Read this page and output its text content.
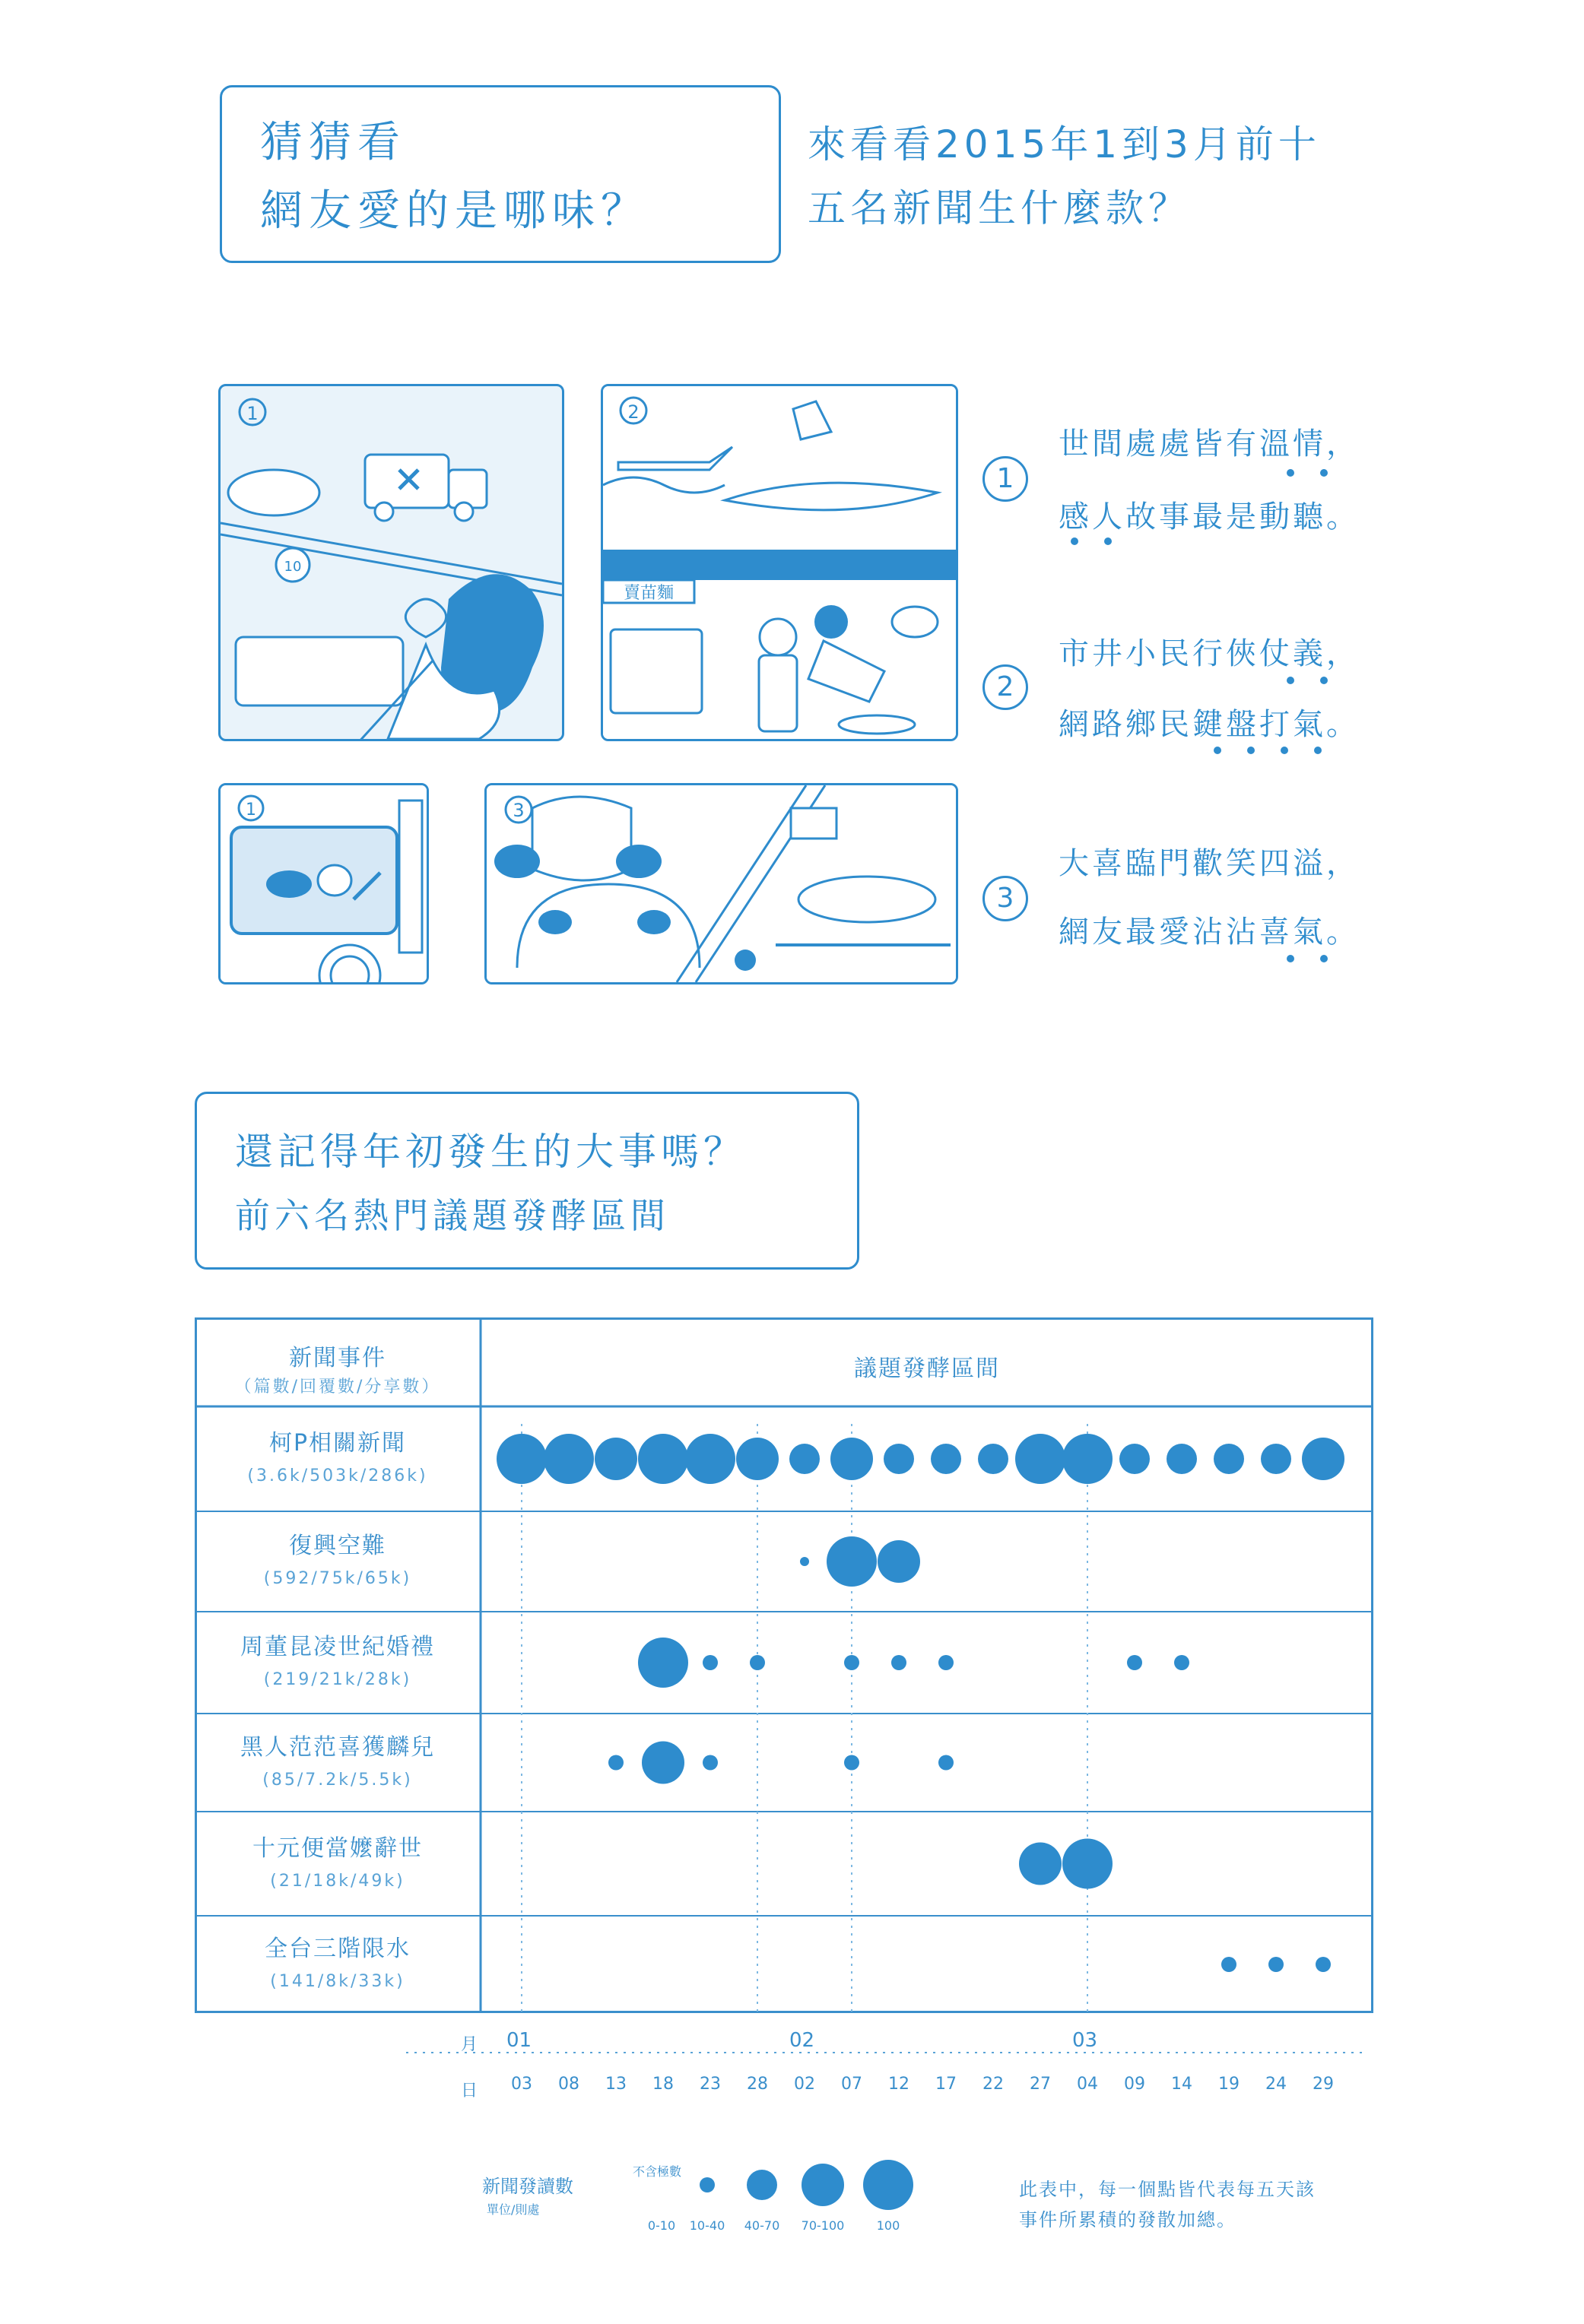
猜猜看
網友愛的是哪味？
來看看2015年1到3月前十
五名新聞生什麼款？
1
10
2
賣苗麵
1	3
1
世間處處皆有溫情，
感人故事最是動聽。
2
市井小民行俠仗義，
網路鄉民鍵盤打氣。
3
大喜臨門歡笑四溢，
網友最愛沾沾喜氣。
還記得年初發生的大事嗎？
前六名熱門議題發酵區間
新聞事件
（篇數/回覆數/分享數）
議題發酵區間
柯P相關新聞
(3.6k/503k/286k)
復興空難
(592/75k/65k)
周董昆凌世紀婚禮
(219/21k/28k)
黑人范范喜獲麟兒
(85/7.2k/5.5k)
十元便當嬤辭世
(21/18k/49k)
全台三階限水
(141/8k/33k)
03 08 13 18 23 28 02 07 12 17 22 27 04 09 14 19 24 29
01	02	03
月
日
新聞發讀數
單位/則處
不含極數
0-10	10-40	40-70	70-100	100
此表中，每一個點皆代表每五天該
事件所累積的發散加總。
